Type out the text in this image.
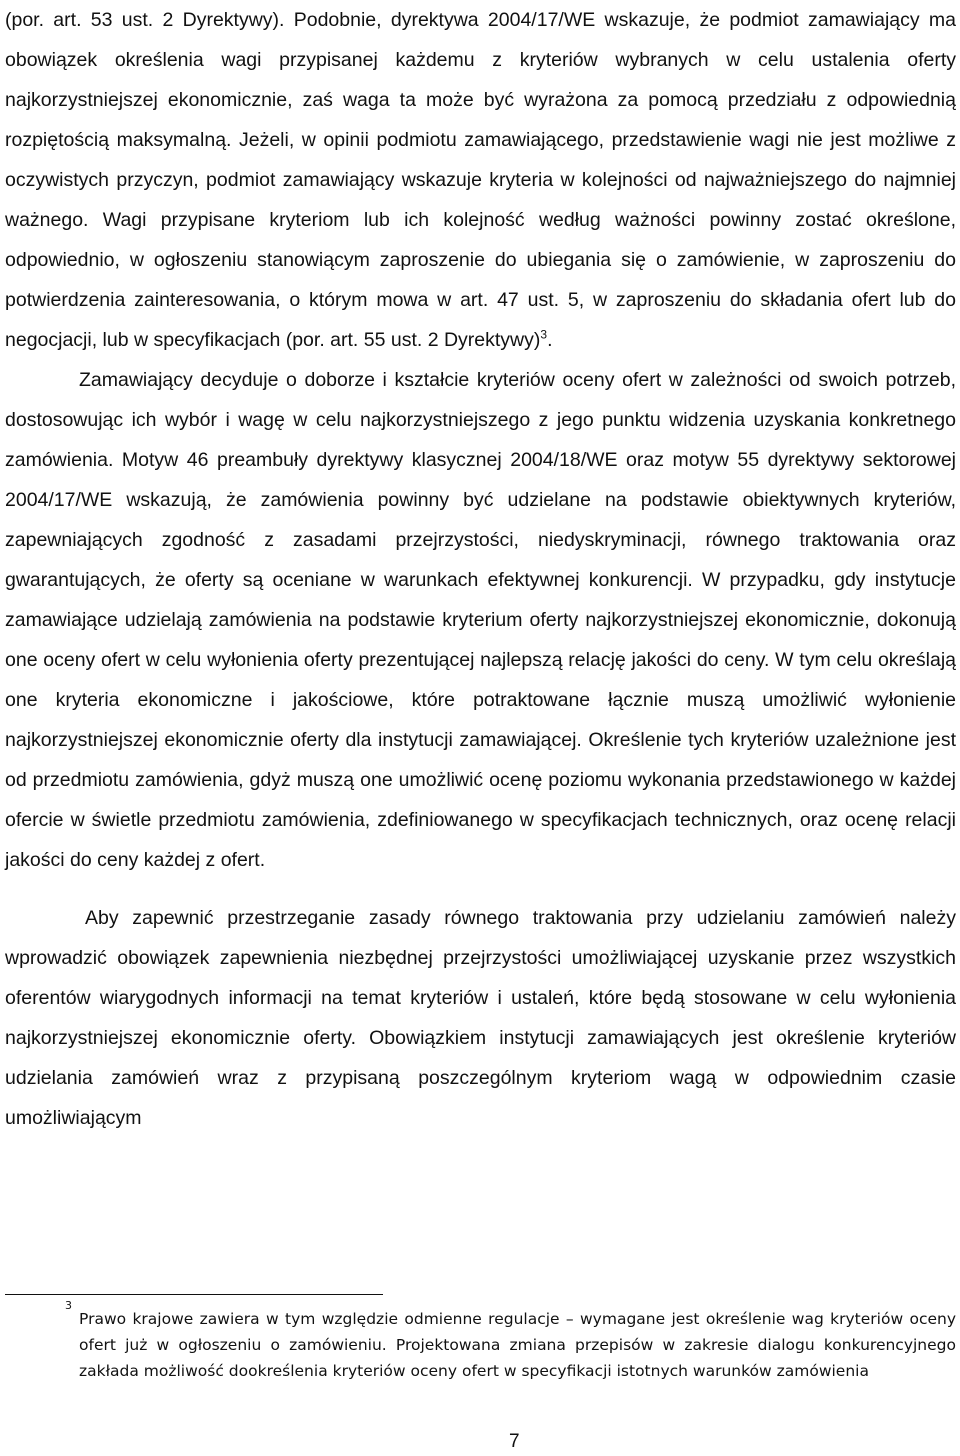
(por. art. 53 ust. 2 Dyrektywy). Podobnie, dyrektywa 2004/17/WE wskazuje, że podmiot zamawiający ma obowiązek określenia wagi przypisanej każdemu z kryteriów wybranych w celu ustalenia oferty najkorzystniejszej ekonomicznie, zaś waga ta może być wyrażona za pomocą przedziału z odpowiednią rozpiętością maksymalną. Jeżeli, w opinii podmiotu zamawiającego, przedstawienie wagi nie jest możliwe z oczywistych przyczyn, podmiot zamawiający wskazuje kryteria w kolejności od najważniejszego do najmniej ważnego. Wagi przypisane kryteriom lub ich kolejność według ważności powinny zostać określone, odpowiednio, w ogłoszeniu stanowiącym zaproszenie do ubiegania się o zamówienie, w zaproszeniu do potwierdzenia zainteresowania, o którym mowa w art. 47 ust. 5, w zaproszeniu do składania ofert lub do negocjacji, lub w specyfikacjach (por. art. 55 ust. 2 Dyrektywy)$^3$.

Zamawiający decyduje o doborze i kształcie kryteriów oceny ofert w zależności od swoich potrzeb, dostosowując ich wybór i wagę w celu najkorzystniejszego z jego punktu widzenia uzyskania konkretnego zamówienia. Motyw 46 preambuły dyrektywy klasycznej 2004/18/WE oraz motyw 55 dyrektywy sektorowej 2004/17/WE wskazują, że zamówienia powinny być udzielane na podstawie obiektywnych kryteriów, zapewniających zgodność z zasadami przejrzystości, niedyskryminacji, równego traktowania oraz gwarantujących, że oferty są oceniane w warunkach efektywnej konkurencji. W przypadku, gdy instytucje zamawiające udzielają zamówienia na podstawie kryterium oferty najkorzystniejszej ekonomicznie, dokonują one oceny ofert w celu wyłonienia oferty prezentującej najlepszą relację jakości do ceny. W tym celu określają one kryteria ekonomiczne i jakościowe, które potraktowane łącznie muszą umożliwić wyłonienie najkorzystniejszej ekonomicznie oferty dla instytucji zamawiającej. Określenie tych kryteriów uzależnione jest od przedmiotu zamówienia, gdyż muszą one umożliwić ocenę poziomu wykonania przedstawionego w każdej ofercie w świetle przedmiotu zamówienia, zdefiniowanego w specyfikacjach technicznych, oraz ocenę relacji jakości do ceny każdej z ofert.

Aby zapewnić przestrzeganie zasady równego traktowania przy udzielaniu zamówień należy wprowadzić obowiązek zapewnienia niezbędnej przejrzystości umożliwiającej uzyskanie przez wszystkich oferentów wiarygodnych informacji na temat kryteriów i ustaleń, które będą stosowane w celu wyłonienia najkorzystniejszej ekonomicznie oferty. Obowiązkiem instytucji zamawiających jest określenie kryteriów udzielania zamówień wraz z przypisaną poszczególnym kryteriom wagą w odpowiednim czasie umożliwiającym

3
Prawo krajowe zawiera w tym względzie odmienne regulacje – wymagane jest określenie wag kryteriów oceny ofert już w ogłoszeniu o zamówieniu. Projektowana zmiana przepisów w zakresie dialogu konkurencyjnego zakłada możliwość dookreślenia kryteriów oceny ofert w specyfikacji istotnych warunków zamówienia
7
